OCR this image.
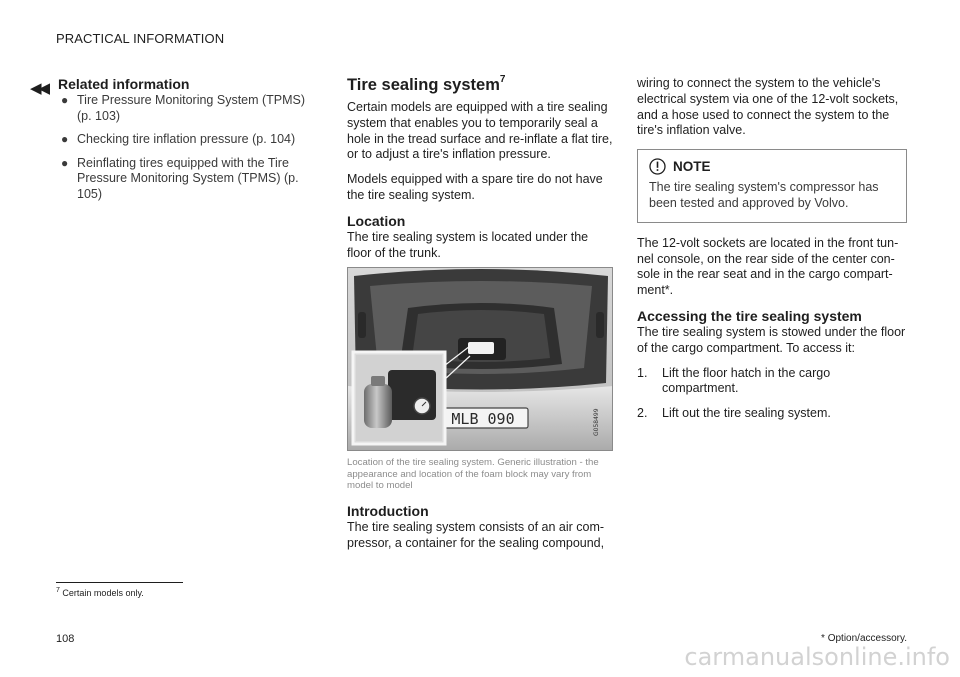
PRACTICAL INFORMATION
◀◀ Related information
● Tire Pressure Monitoring System (TPMS) (p. 103)
● Checking tire inflation pressure (p. 104)
● Reinflating tires equipped with the Tire Pressure Monitoring System (TPMS) (p. 105)
Tire sealing system$^7$

Certain models are equipped with a tire sealing system that enables you to temporarily seal a hole in the tread surface and re-inflate a flat tire, or to adjust a tire's inflation pressure.

Models equipped with a spare tire do not have the tire sealing system.

Location

The tire sealing system is located under the floor of the trunk.

MLB 090	G058499
Location of the tire sealing system. Generic illustration - the appearance and location of the foam block may vary from model to model
Introduction

The tire sealing system consists of an air com-pressor, a container for the sealing compound,

wiring to connect the system to the vehicle's electrical system via one of the 12-volt sockets, and a hose used to connect the system to the tire's inflation valve.

NOTE

The tire sealing system's compressor has been tested and approved by Volvo.

The 12-volt sockets are located in the front tun-nel console, on the rear side of the center con-sole in the rear seat and in the cargo compart-ment*.

Accessing the tire sealing system

The tire sealing system is stowed under the floor of the cargo compartment. To access it:

1. Lift the floor hatch in the cargo compartment.
2. Lift out the tire sealing system.
$^7$ Certain models only.
108	* Option/accessory.
carmanualsonline.info
